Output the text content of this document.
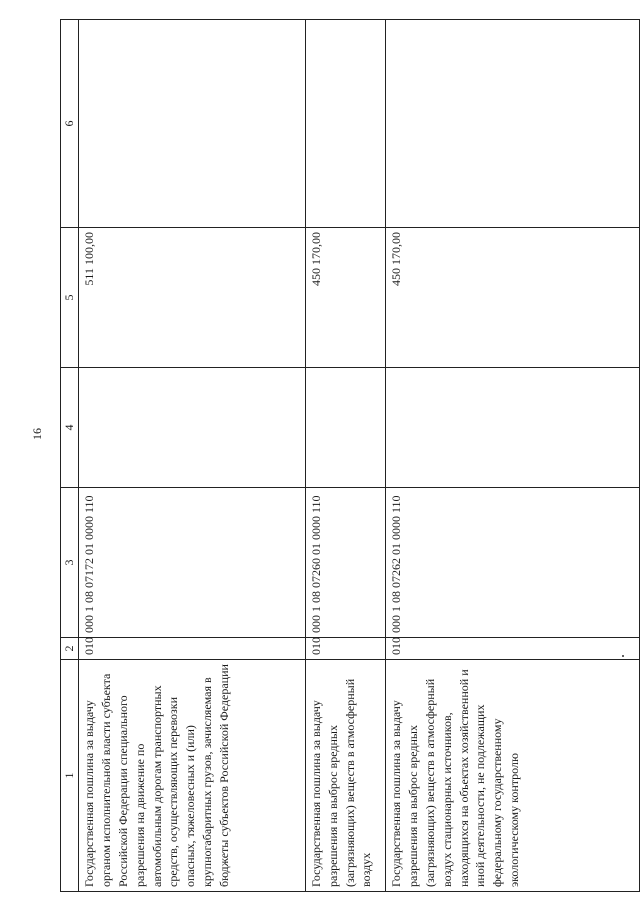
16
1	2	3	4	5	6
Государственная пошлина за выдачу органом исполнительной власти субъекта Российской Федерации специального разрешения на движение по автомобильным дорогам транспортных средств, осуществляющих перевозки опасных, тяжеловесных и (или) крупногабаритных грузов, зачисляемая в бюджеты субъектов Российской Федерации	010	000 1 08 07172 01 0000 110		511 100,00	
Государственная пошлина за выдачу разрешения на выброс вредных (загрязняющих) веществ в атмосферный воздух	010	000 1 08 07260 01 0000 110		450 170,00	
Государственная пошлина за выдачу разрешения на выброс вредных (загрязняющих) веществ в атмосферный воздух стационарных источников, находящихся на объектах хозяйственной и иной деятельности, не подлежащих федеральному государственному экологическому контролю	010	000 1 08 07262 01 0000 110		450 170,00	
